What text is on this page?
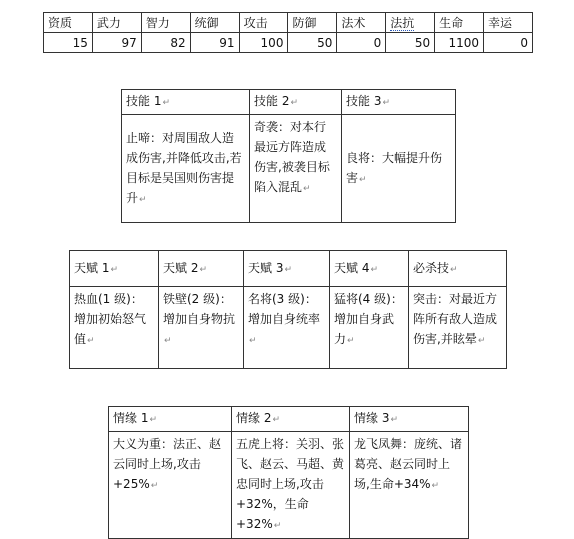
资质	武力	智力	统御	攻击	防御	法术	法抗	生命	幸运
15	97	82	91	100	50	0	50	1100	0
技能 1↵	技能 2↵	技能 3↵
止啼：对周围敌人造成伤害,并降低攻击,若目标是吴国则伤害提升↵	奇袭：对本行最远方阵造成伤害,被袭目标陷入混乱↵	良将：大幅提升伤害↵
天赋 1↵	天赋 2↵	天赋 3↵	天赋 4↵	必杀技↵
热血(1 级)：增加初始怒气值↵	铁壁(2 级)：增加自身物抗↵	名将(3 级)：增加自身统率↵	猛将(4 级)：增加自身武力↵	突击：对最近方阵所有敌人造成伤害,并眩晕↵
情缘 1↵	情缘 2↵	情缘 3↵
大义为重：法正、赵云同时上场,攻击+25%↵	五虎上将：关羽、张飞、赵云、马超、黄忠同时上场,攻击 +32%，生命+32%↵	龙飞凤舞：庞统、诸葛亮、赵云同时上场,生命+34%↵
